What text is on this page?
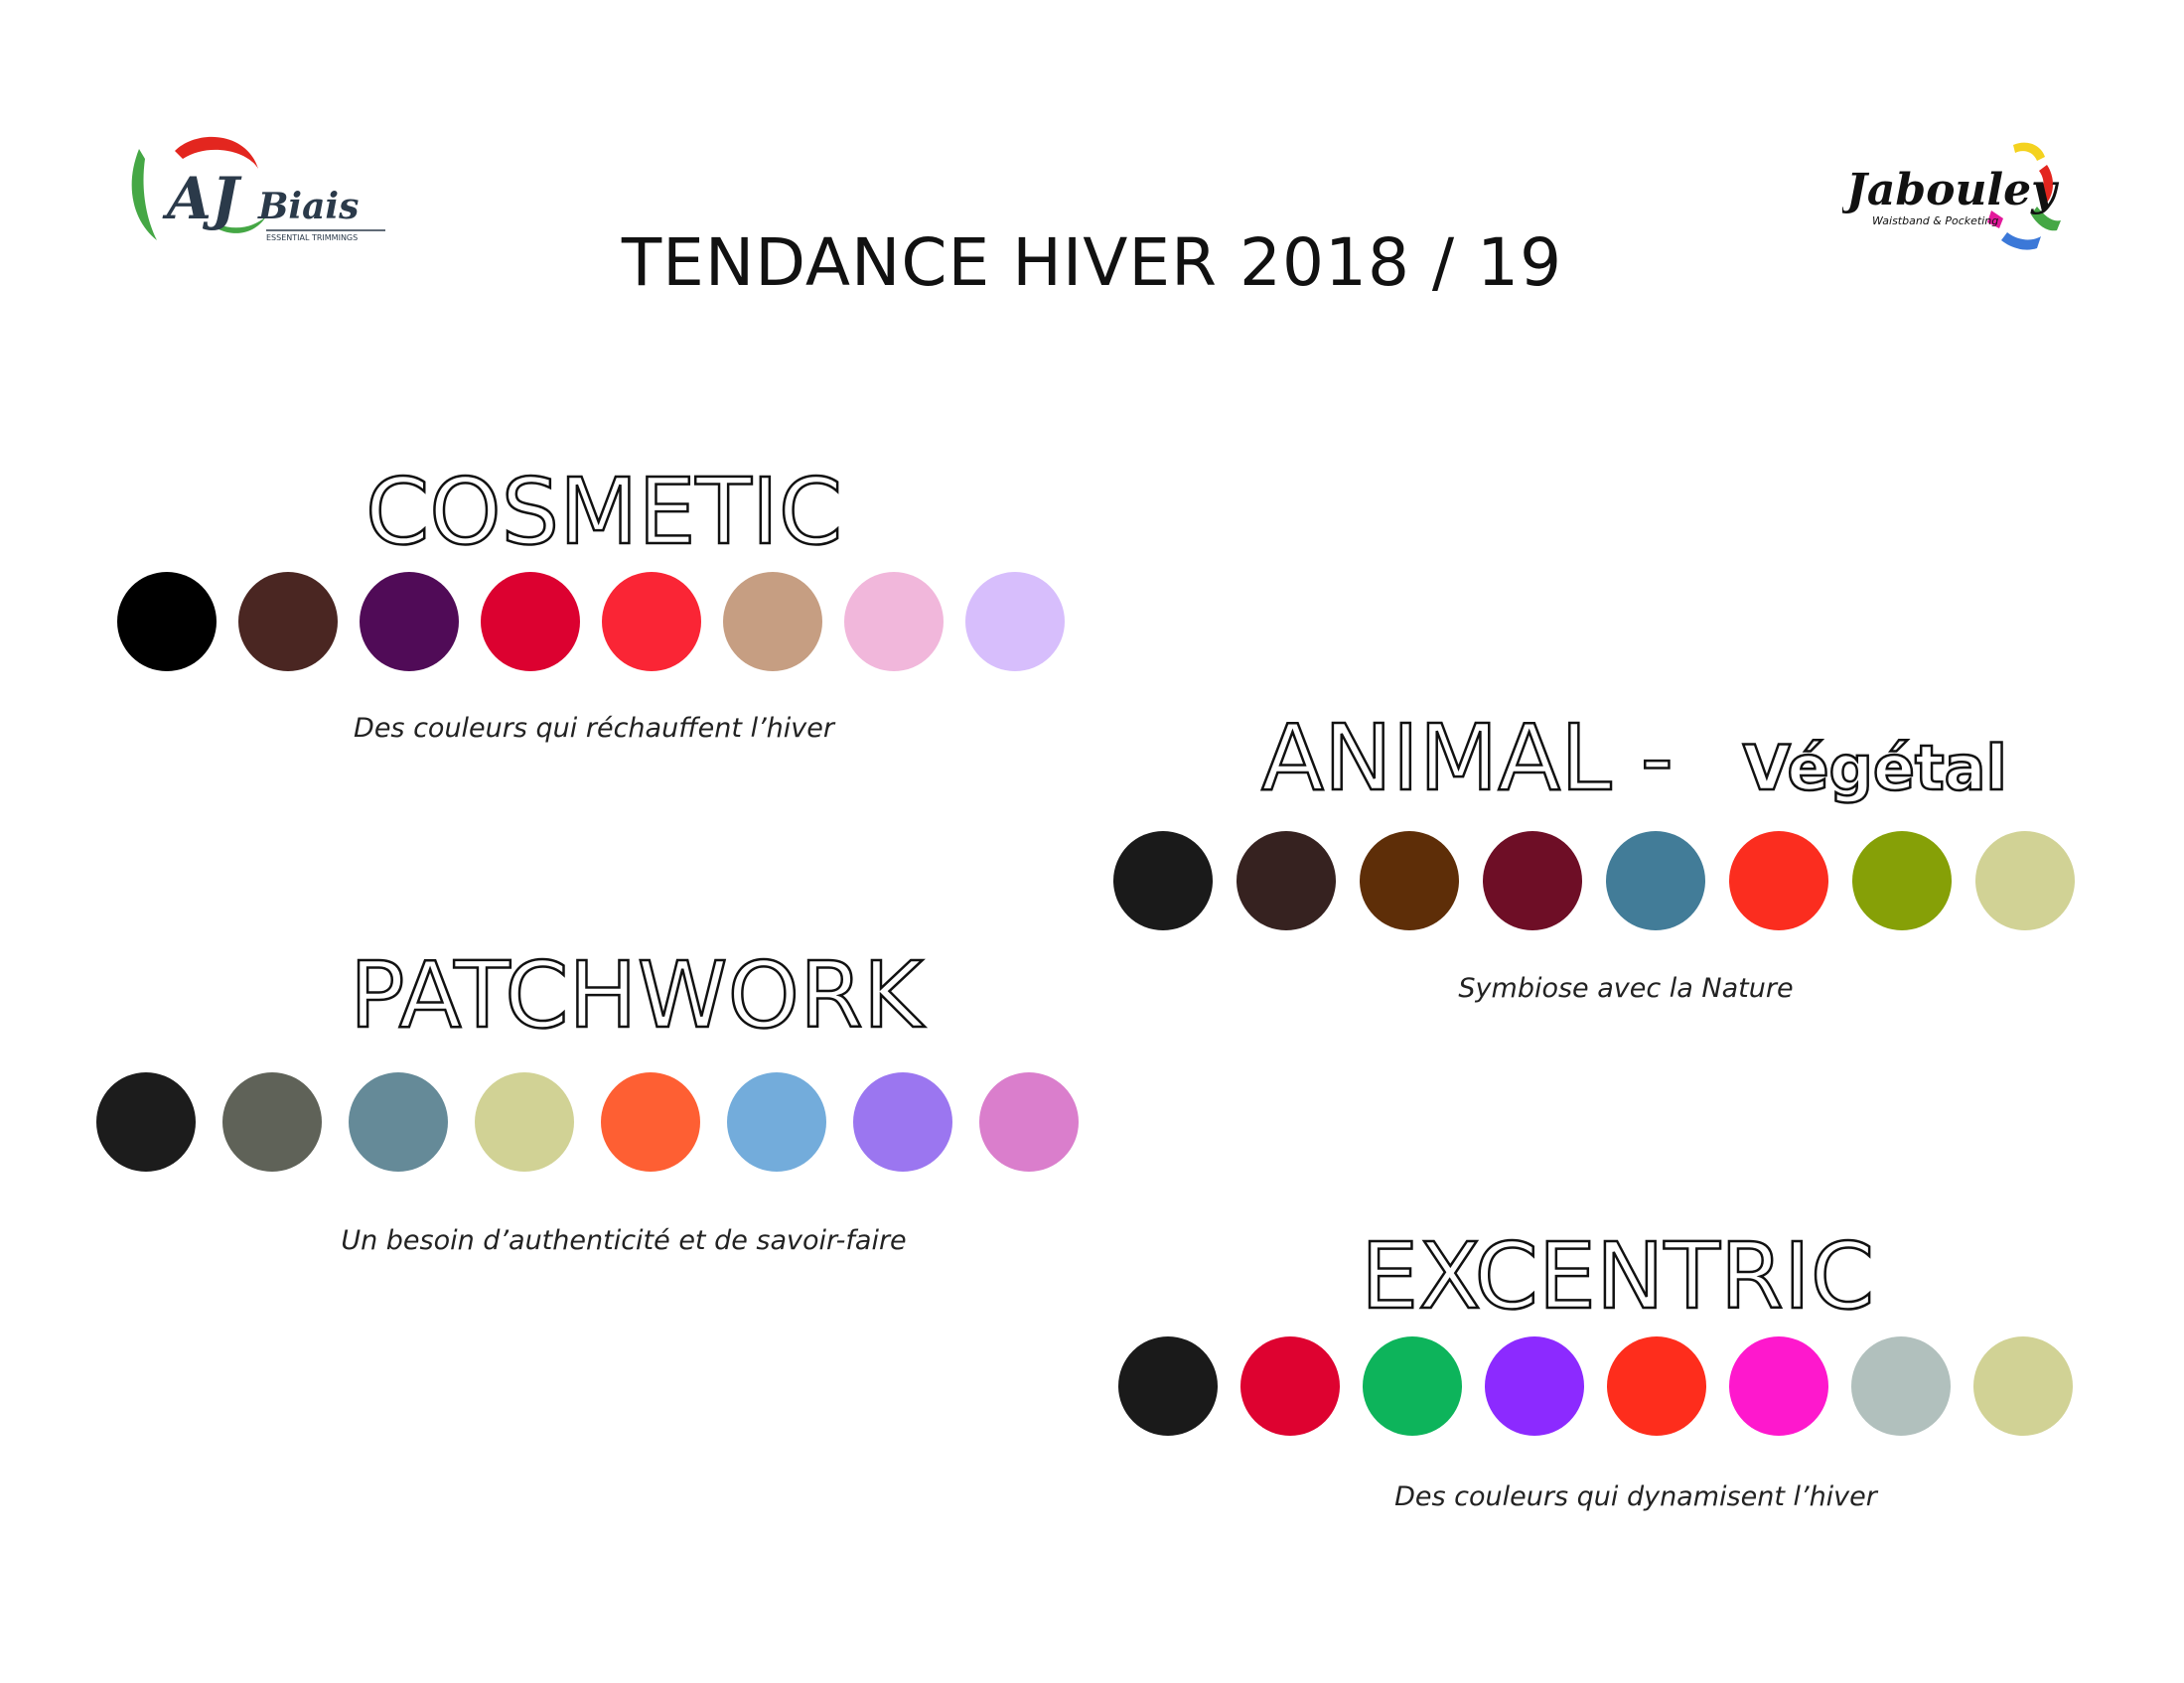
AJ Biais
ESSENTIAL TRIMMINGS
Jabouley
Waistband & Pocketing
TENDANCE HIVER 2018 / 19
COSMETIC
Des couleurs qui réchauffent l’hiver	ANIMAL - Végétal
Symbiose avec la Nature
PATCHWORK
Un besoin d’authenticité et de savoir-faire	EXCENTRIC
Des couleurs qui dynamisent l’hiver
